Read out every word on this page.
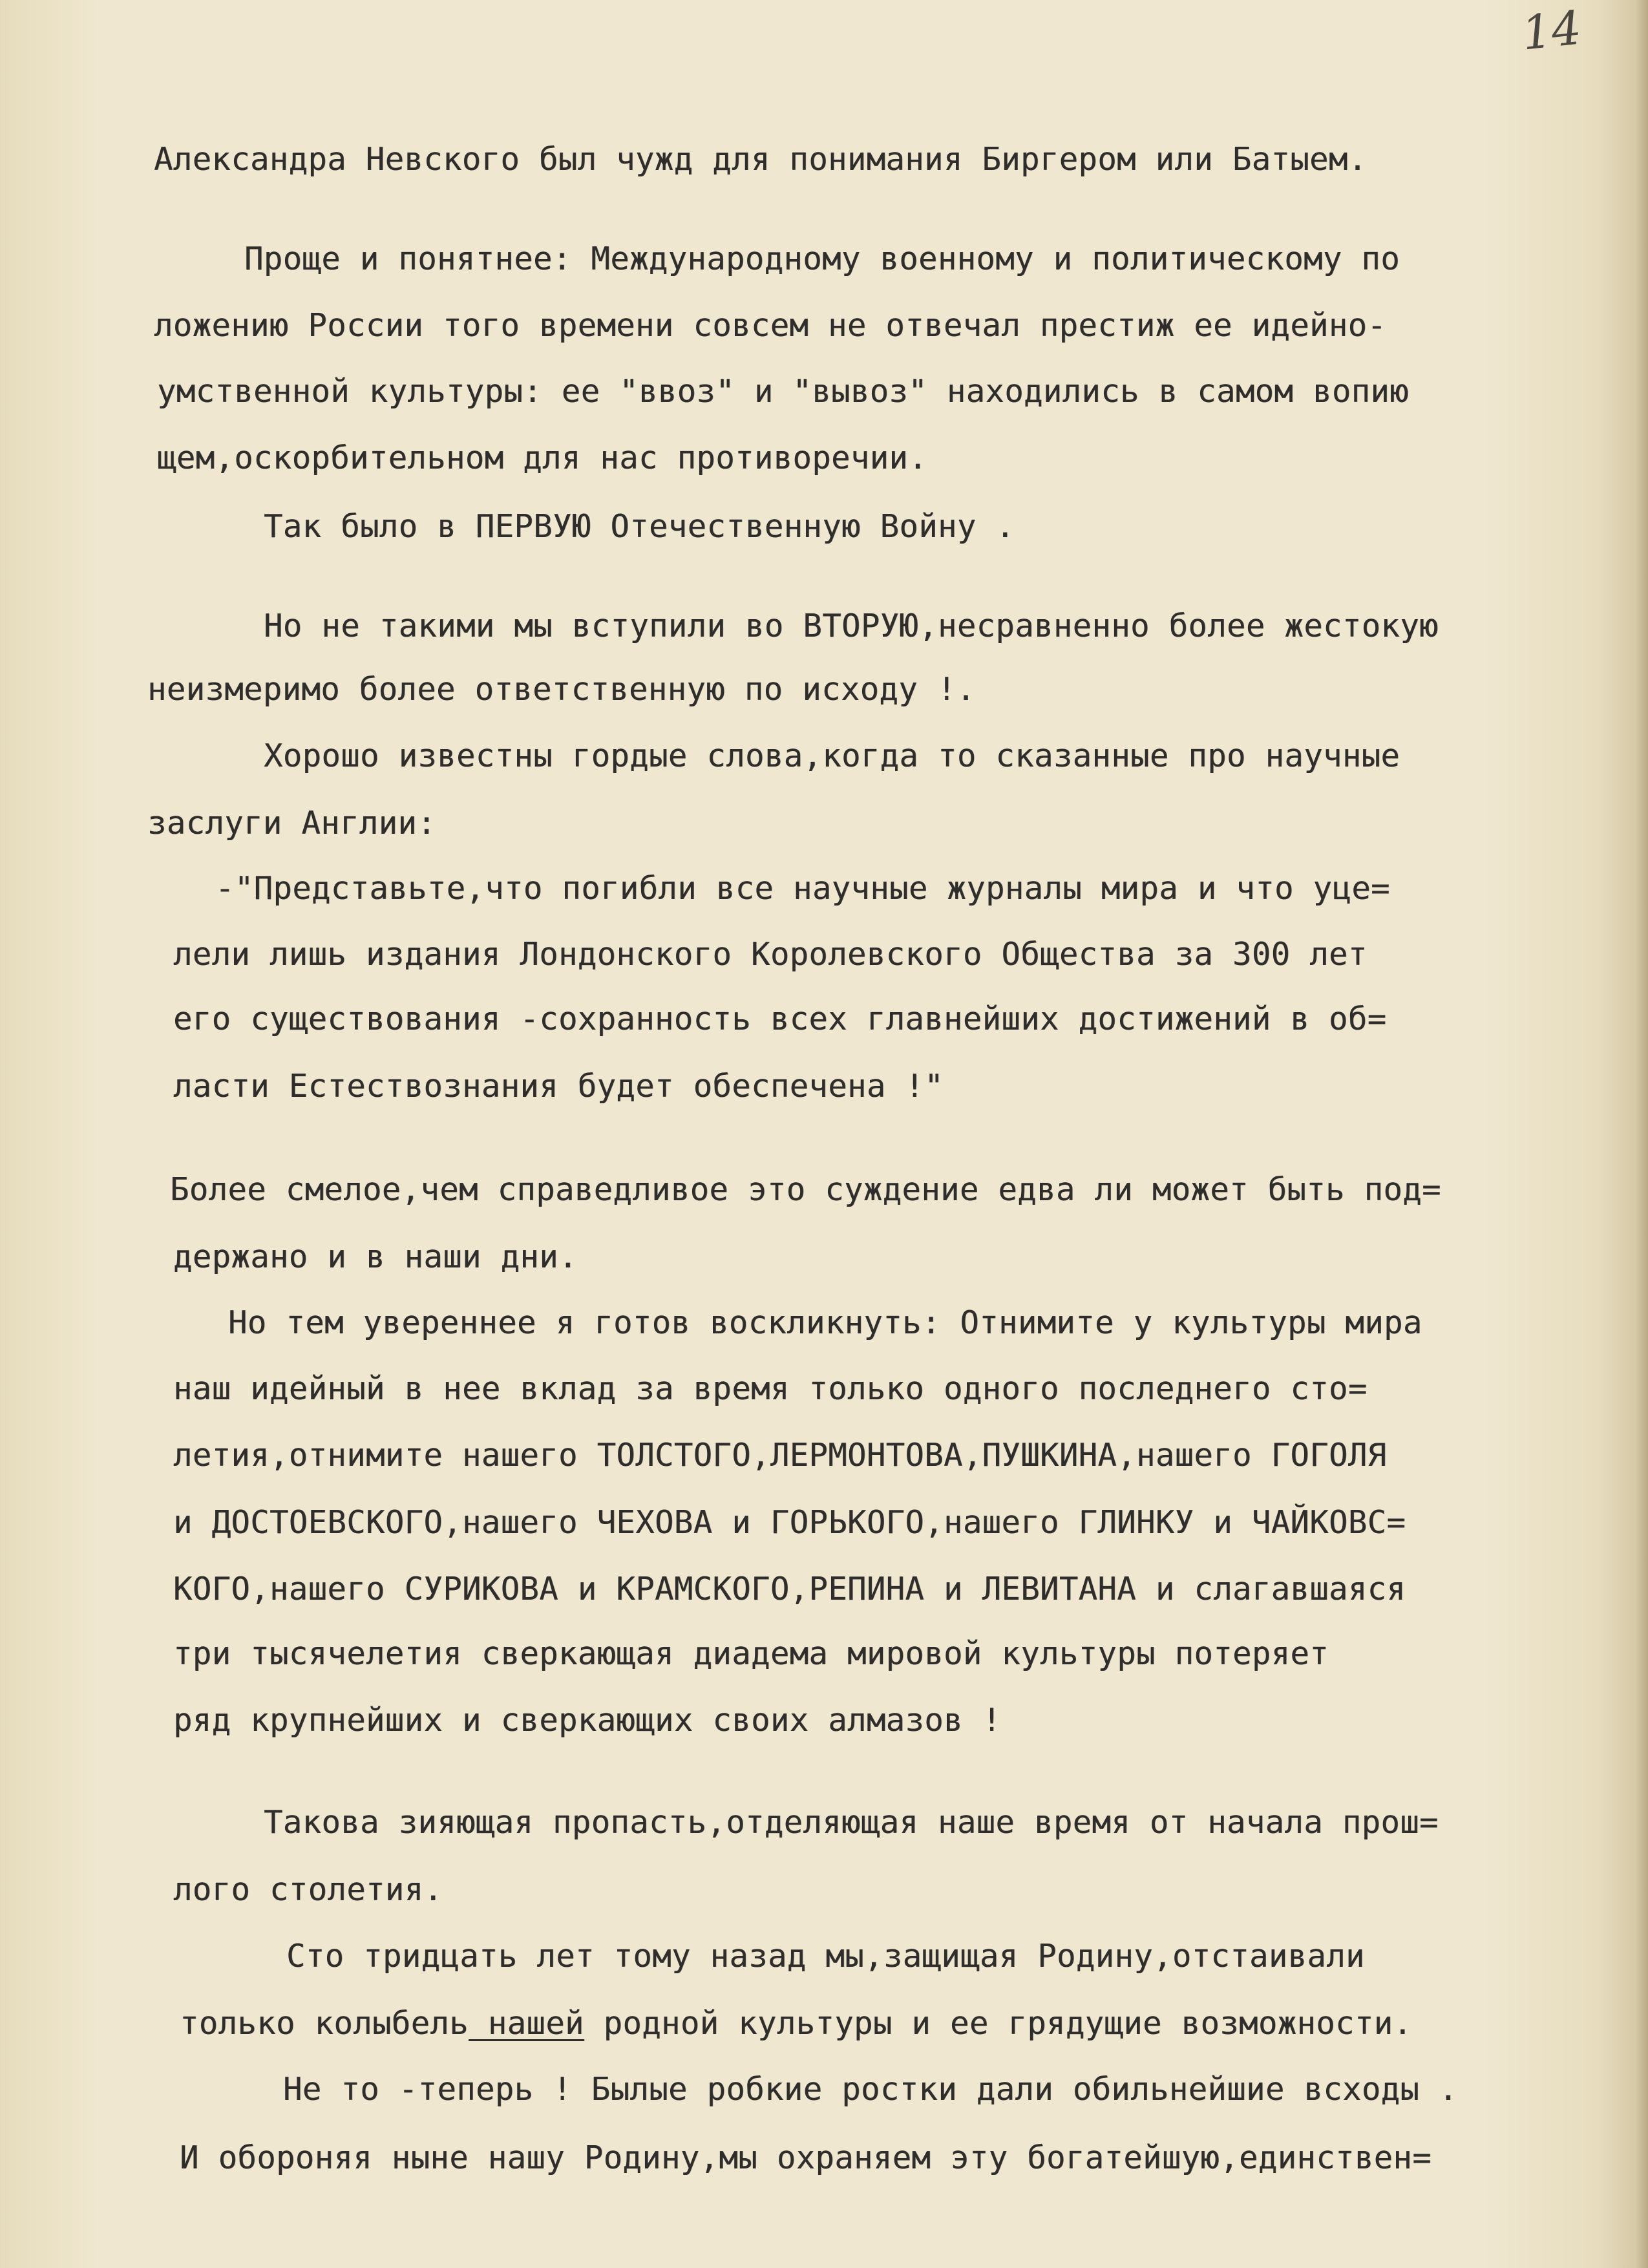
14
Александра Невского был чужд для понимания Биргером или Батыем.
Проще и понятнее: Международному военному и политическому по
ложению России того времени совсем не отвечал престиж ее идейно-
умственной культуры: ее "ввоз" и "вывоз" находились в самом вопию
щем,оскорбительном для нас противоречии.
Так было в ПЕРВУЮ Отечественную Войну .
Но не такими мы вступили во ВТОРУЮ,несравненно более жестокую
неизмеримо более ответственную по исходу !.
Хорошо известны гордые слова,когда то сказанные про научные
заслуги Англии:
-"Представьте,что погибли все научные журналы мира и что уце=
лели лишь издания Лондонского Королевского Общества за 300 лет
его существования -сохранность всех главнейших достижений в об=
ласти Естествознания будет обеспечена !"
Более смелое,чем справедливое это суждение едва ли может быть под=
держано и в наши дни.
Но тем увереннее я готов воскликнуть: Отнимите у культуры мира
наш идейный в нее вклад за время только одного последнего сто=
летия,отнимите нашего ТОЛСТОГО,ЛЕРМОНТОВА,ПУШКИНА,нашего ГОГОЛЯ
и ДОСТОЕВСКОГО,нашего ЧЕХОВА и ГОРЬКОГО,нашего ГЛИНКУ и ЧАЙКОВС=
КОГО,нашего СУРИКОВА и КРАМСКОГО,РЕПИНА и ЛЕВИТАНА и слагавшаяся
три тысячелетия сверкающая диадема мировой культуры потеряет
ряд крупнейших и сверкающих своих алмазов !
Такова зияющая пропасть,отделяющая наше время от начала прош=
лого столетия.
Сто тридцать лет тому назад мы,защищая Родину,отстаивали
только колыбель нашей родной культуры и ее грядущие возможности.
Не то -теперь ! Былые робкие ростки дали обильнейшие всходы .
И обороняя ныне нашу Родину,мы охраняем эту богатейшую,единствен=
